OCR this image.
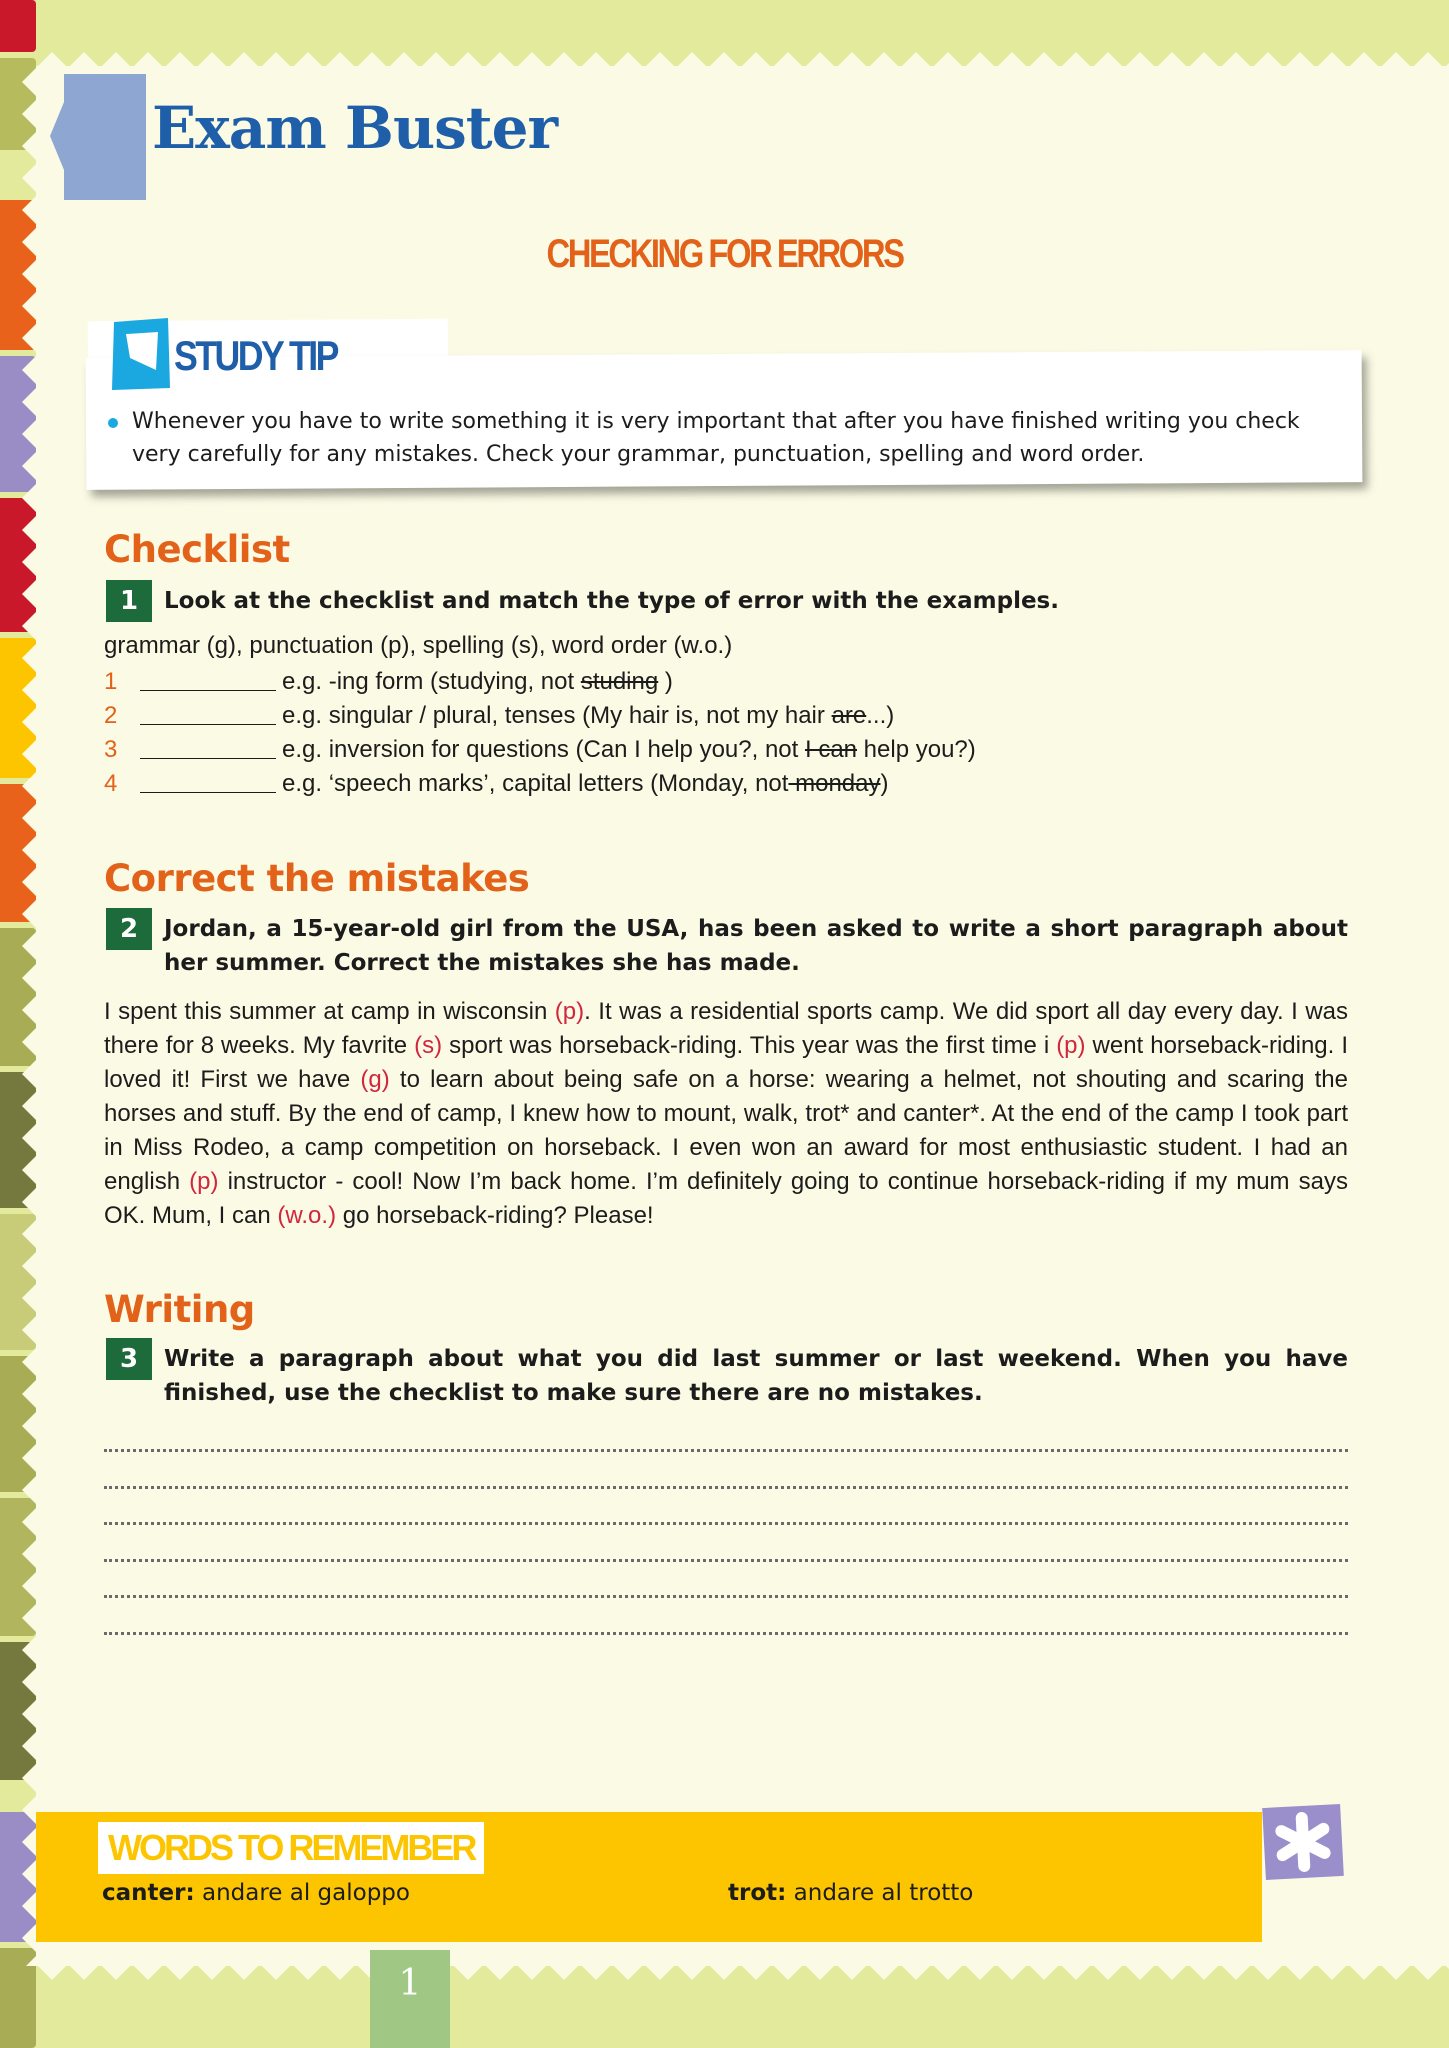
Exam Buster
CHECKING FOR ERRORS
STUDY TIP
Whenever you have to write something it is very important that after you have finished writing you check very carefully for any mistakes. Check your grammar, punctuation, spelling and word order.
Checklist
1	Look at the checklist and match the type of error with the examples.

grammar (g), punctuation (p), spelling (s), word order (w.o.)
1	e.g. -ing form (studying, not studing )
2	e.g. singular / plural, tenses (My hair is, not my hair are...)
3	e.g. inversion for questions (Can I help you?, not I can help you?)
4	e.g. ‘speech marks’, capital letters (Monday, not monday)
Correct the mistakes
2	Jordan, a 15-year-old girl from the USA, has been asked to write a short paragraph about her summer. Correct the mistakes she has made.

I spent this summer at camp in wisconsin (p). It was a residential sports camp. We did sport all day every day. I was there for 8 weeks. My favrite (s) sport was horseback-riding. This year was the first time i (p) went horseback-riding. I loved it! First we have (g) to learn about being safe on a horse: wearing a helmet, not shouting and scaring the horses and stuff. By the end of camp, I knew how to mount, walk, trot* and canter*. At the end of the camp I took part in Miss Rodeo, a camp competition on horseback. I even won an award for most enthusiastic student. I had an english (p) instructor - cool! Now I’m back home. I’m definitely going to continue horseback-riding if my mum says OK. Mum, I can (w.o.) go horseback-riding? Please!

Writing
3	Write a paragraph about what you did last summer or last weekend. When you have finished, use the checklist to make sure there are no mistakes.

WORDS TO REMEMBER
canter: andare al galoppo	trot: andare al trotto
1
